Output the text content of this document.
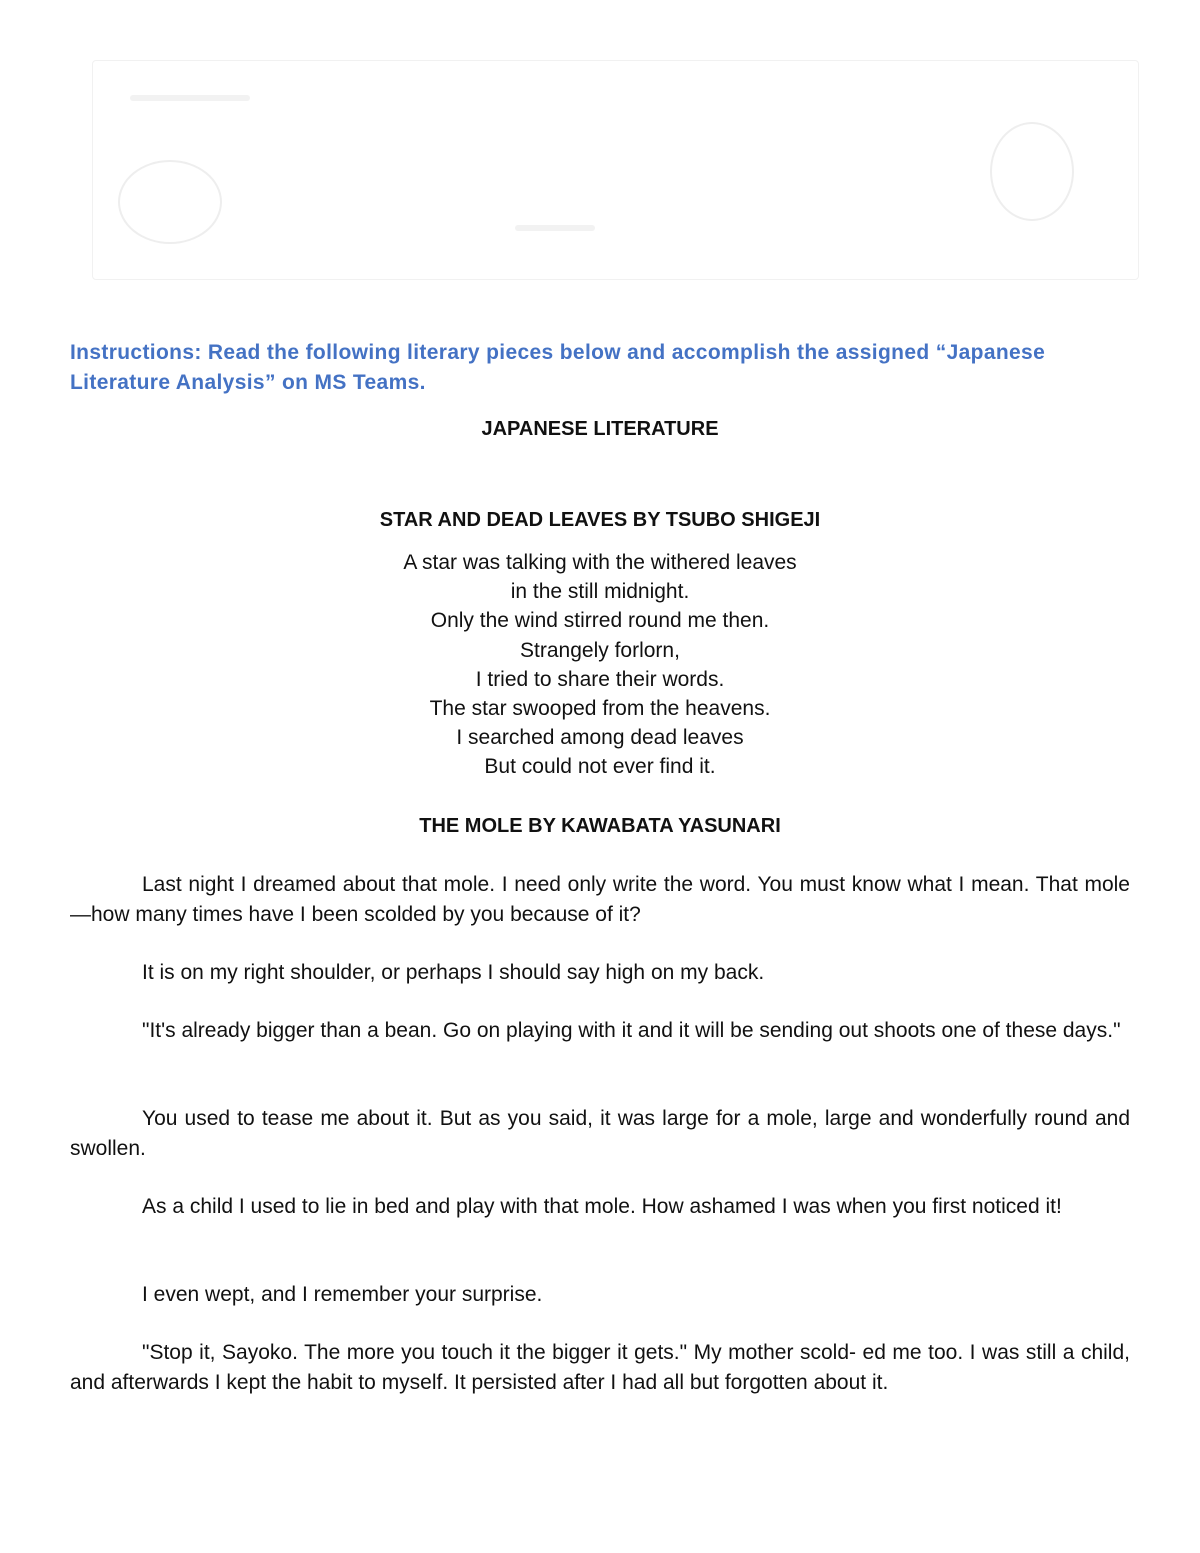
Instructions: Read the following literary pieces below and accomplish the assigned “Japanese Literature Analysis” on MS Teams.
JAPANESE LITERATURE
STAR AND DEAD LEAVES BY TSUBO SHIGEJI
A star was talking with the withered leaves
in the still midnight.
Only the wind stirred round me then.
Strangely forlorn,
I tried to share their words.
The star swooped from the heavens.
I searched among dead leaves
But could not ever find it.
THE MOLE BY KAWABATA YASUNARI

Last night I dreamed about that mole. I need only write the word. You must know what I mean. That mole—how many times have I been scolded by you because of it?

It is on my right shoulder, or perhaps I should say high on my back.

"It's already bigger than a bean. Go on playing with it and it will be sending out shoots one of these days."

You used to tease me about it. But as you said, it was large for a mole, large and wonderfully round and swollen.

As a child I used to lie in bed and play with that mole. How ashamed I was when you first noticed it!

I even wept, and I remember your surprise.

"Stop it, Sayoko. The more you touch it the bigger it gets." My mother scold- ed me too. I was still a child, and afterwards I kept the habit to myself. It persisted after I had all but forgotten about it.
